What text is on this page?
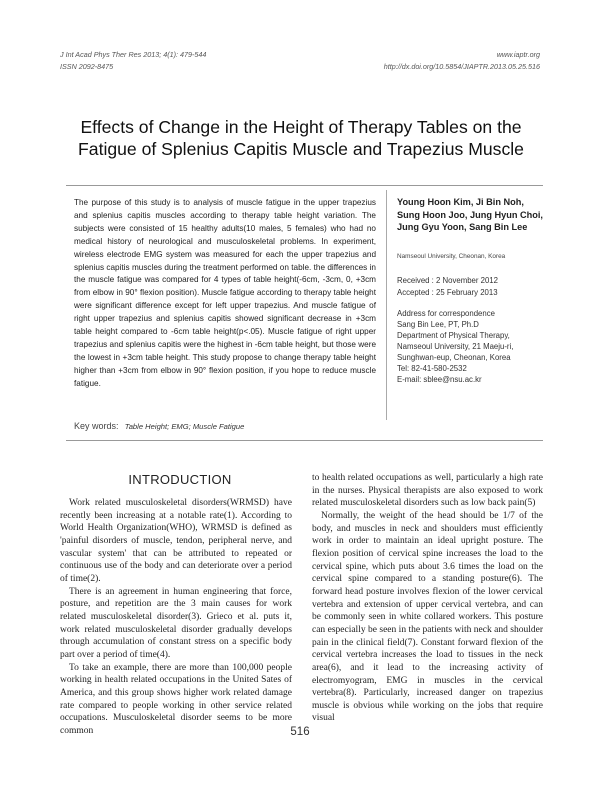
J Int Acad Phys Ther Res 2013; 4(1): 479-544
ISSN 2092-8475
www.iaptr.org
http://dx.doi.org/10.5854/JIAPTR.2013.05.25.516
Effects of Change in the Height of Therapy Tables on the
Fatigue of Splenius Capitis Muscle and Trapezius Muscle
The purpose of this study is to analysis of muscle fatigue in the upper trapezius and splenius capitis muscles according to therapy table height variation. The subjects were consisted of 15 healthy adults(10 males, 5 females) who had no medical history of neurological and musculoskeletal problems. In experiment, wireless electrode EMG system was measured for each the upper trapezius and splenius capitis muscles during the treatment performed on table. the differences in the muscle fatigue was compared for 4 types of table height(-6cm, -3cm, 0, +3cm from elbow in 90° flexion position). Muscle fatigue according to therapy table height were significant difference except for left upper trapezius. And muscle fatigue of right upper trapezius and splenius capitis showed significant decrease in +3cm table height compared to -6cm table height(p<.05). Muscle fatigue of right upper trapezius and splenius capitis were the highest in -6cm table height, but those were the lowest in +3cm table height. This study propose to change therapy table height higher than +3cm from elbow in 90° flexion position, if you hope to reduce muscle fatigue.
Young Hoon Kim, Ji Bin Noh,
Sung Hoon Joo, Jung Hyun Choi,
Jung Gyu Yoon, Sang Bin Lee
Namseoul University, Cheonan, Korea
Received : 2 November 2012
Accepted : 25 February 2013
Address for correspondence
Sang Bin Lee, PT, Ph.D
Department of Physical Therapy,
Namseoul University, 21 Maeju-ri,
Sunghwan-eup, Cheonan, Korea
Tel: 82-41-580-2532
E-mail: sblee@nsu.ac.kr
Key words: Table Height; EMG; Muscle Fatigue
INTRODUCTION

Work related musculoskeletal disorders(WRMSD) have recently been increasing at a notable rate(1). According to World Health Organization(WHO), WRMSD is defined as 'painful disorders of muscle, tendon, peripheral nerve, and vascular system' that can be attributed to repeated or continuous use of the body and can deteriorate over a period of time(2).

There is an agreement in human engineering that force, posture, and repetition are the 3 main causes for work related musculoskeletal disorder(3). Grieco et al. puts it, work related musculoskeletal disorder gradually develops through accumulation of constant stress on a specific body part over a period of time(4).

To take an example, there are more than 100,000 people working in health related occupations in the United Sates of America, and this group shows higher work related damage rate compared to people working in other service related occupations. Musculoskeletal disorder seems to be more common

to health related occupations as well, particularly a high rate in the nurses. Physical therapists are also exposed to work related musculoskeletal disorders such as low back pain(5)

Normally, the weight of the head should be 1/7 of the body, and muscles in neck and shoulders must efficiently work in order to maintain an ideal upright posture. The flexion position of cervical spine increases the load to the cervical spine, which puts about 3.6 times the load on the cervical spine compared to a standing posture(6). The forward head posture involves flexion of the lower cervical vertebra and extension of upper cervical vertebra, and can be commonly seen in white collared workers. This posture can especially be seen in the patients with neck and shoulder pain in the clinical field(7). Constant forward flexion of the cervical vertebra increases the load to tissues in the neck area(6), and it lead to the increasing activity of electromyogram, EMG in muscles in the cervical vertebra(8). Particularly, increased danger on trapezius muscle is obvious while working on the jobs that require visual

516
